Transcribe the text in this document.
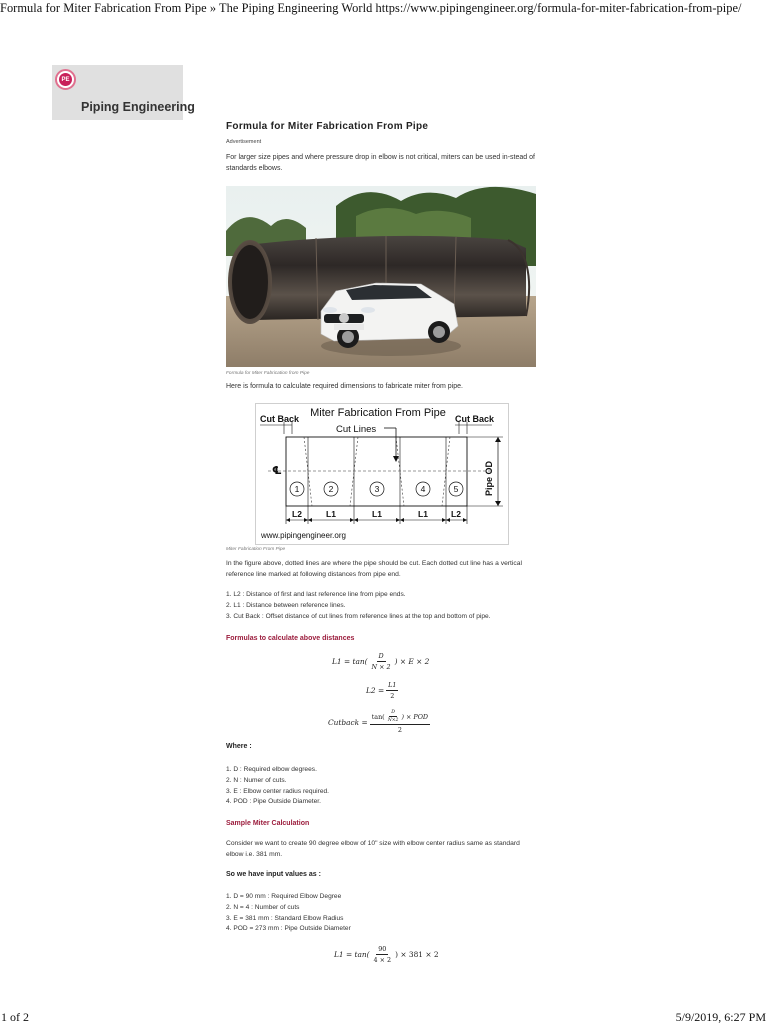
Formula for Miter Fabrication From Pipe » The Piping Engineering World https://www.pipingengineer.org/formula-for-miter-fabrication-from-pipe/
PE
Piping Engineering
Formula for Miter Fabrication From Pipe
Advertisement
For larger size pipes and where pressure drop in elbow is not critical, miters can be used in-stead of standards elbows.
Formula for Miter Fabrication from Pipe
Here is formula to calculate required dimensions to fabricate miter from pipe.
Miter Fabrication From Pipe
Cut Back	Cut Back
Cut Lines
℄
1	2	3	4	5	Pipe OD
L2	L1	L1	L1	L2
www.pipingengineer.org
Miter Fabrication From Pipe
In the figure above, dotted lines are where the pipe should be cut. Each dotted cut line has a vertical reference line marked at following distances from pipe end.
1. L2 : Distance of first and last reference line from pipe ends.
2. L1 : Distance between reference lines.
3. Cut Back : Offset distance of cut lines from reference lines at the top and bottom of pipe.
Formulas to calculate above distances
$L1 = \tan( \frac{D}{N \times 2}$ ) × E × 2
$L2 = \frac{L1}{2}$
Cutback = $\frac{\tan( \frac{D}{N\times 2} ) \times POD}{2}$
Where :
1. D : Required elbow degrees.
2. N : Numer of cuts.
3. E : Elbow center radius required.
4. POD : Pipe Outside Diameter.
Sample Miter Calculation
Consider we want to create 90 degree elbow of 10" size with elbow center radius same as standard elbow i.e. 381 mm.
So we have input values as :
1. D = 90 mm : Required Elbow Degree
2. N = 4 : Number of cuts
3. E = 381 mm : Standard Elbow Radius
4. POD = 273 mm : Pipe Outside Diameter
$L1 = \tan( \frac{90}{4 \times 2}$ ) × 381 × 2
1 of 2	5/9/2019, 6:27 PM
